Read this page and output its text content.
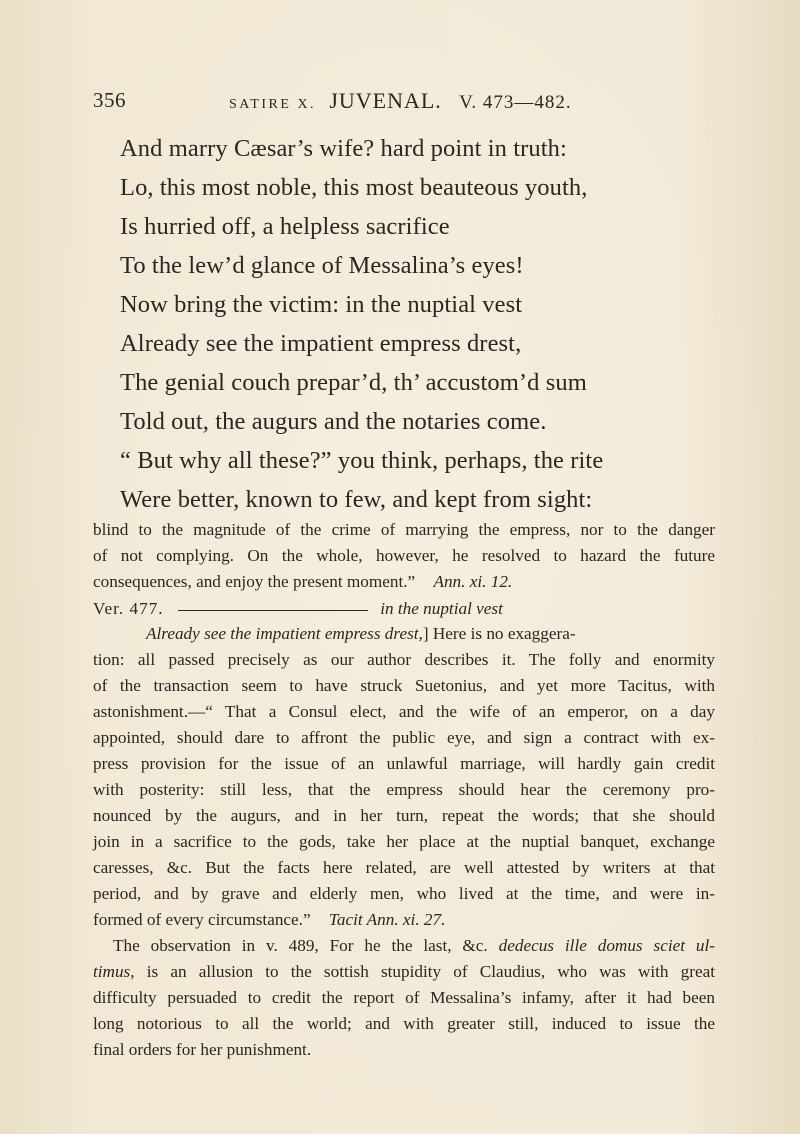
356	SATIRE X. JUVENAL. V. 473—482.
And marry Cæsar’s wife? hard point in truth:
Lo, this most noble, this most beauteous youth,
Is hurried off, a helpless sacrifice
To the lew’d glance of Messalina’s eyes!
Now bring the victim: in the nuptial vest
Already see the impatient empress drest,
The genial couch prepar’d, th’ accustom’d sum
Told out, the augurs and the notaries come.
“ But why all these?” you think, perhaps, the rite
Were better, known to few, and kept from sight:
blind to the magnitude of the crime of marrying the empress, nor to the danger
of not complying. On the whole, however, he resolved to hazard the future
consequences, and enjoy the present moment.” Ann. xi. 12.
Ver. 477.	in the nuptial vest
Already see the impatient empress drest,] Here is no exaggera-
tion: all passed precisely as our author describes it. The folly and enormity
of the transaction seem to have struck Suetonius, and yet more Tacitus, with
astonishment.—“ That a Consul elect, and the wife of an emperor, on a day
appointed, should dare to affront the public eye, and sign a contract with ex-
press provision for the issue of an unlawful marriage, will hardly gain credit
with posterity: still less, that the empress should hear the ceremony pro-
nounced by the augurs, and in her turn, repeat the words; that she should
join in a sacrifice to the gods, take her place at the nuptial banquet, exchange
caresses, &c. But the facts here related, are well attested by writers at that
period, and by grave and elderly men, who lived at the time, and were in-
formed of every circumstance.” Tacit Ann. xi. 27.
The observation in v. 489, For he the last, &c. dedecus ille domus sciet ul-
timus, is an allusion to the sottish stupidity of Claudius, who was with great
difficulty persuaded to credit the report of Messalina’s infamy, after it had been
long notorious to all the world; and with greater still, induced to issue the
final orders for her punishment.
